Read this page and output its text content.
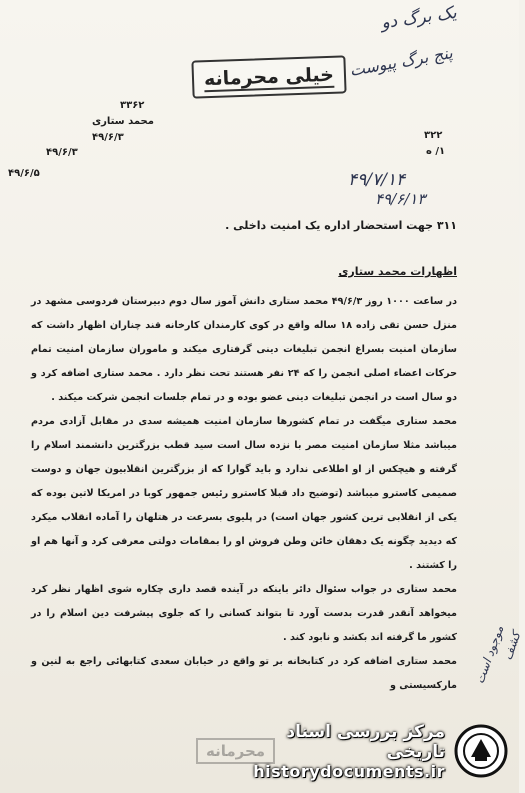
یک برگ دو
پنج برگ پیوست
خیلی محرمانه
۳۳۶۲
محمد ستاری
۴۹/۶/۳
۴۹/۶/۳
۴۹/۶/۵
۳۲۲
۱/ ه
۴۹/۷/۱۴
۴۹/۶/۱۳
۳۱۱ جهت استحضار اداره یک امنیت داخلی .
اظهارات محمد ستاری

در ساعت ۱۰۰۰ روز ۴۹/۶/۳ محمد ستاری دانش آموز سال دوم دبیرستان فردوسی مشهد در منزل حسن تقی زاده ۱۸ ساله واقع در کوی کارمندان کارخانه قند چناران اظهار داشت که سازمان امنیت بسراغ انجمن تبلیغات دینی گرفتاری میکند و ماموران سازمان امنیت تمام حرکات اعضاء اصلی انجمن را که ۲۴ نفر هستند تحت نظر دارد . محمد ستاری اضافه کرد و دو سال است در انجمن تبلیغات دینی عضو بوده و در تمام جلسات انجمن شرکت میکند .

محمد ستاری میگفت در تمام کشورها سازمان امنیت همیشه سدی در مقابل آزادی مردم میباشد مثلا سازمان امنیت مصر با نزده سال است سید قطب بزرگترین دانشمند اسلام را گرفته و هیچکس از او اطلاعی ندارد و باید گوارا که از بزرگترین انقلابیون جهان و دوست صمیمی کاسترو میباشد (توضیح داد قبلا کاسترو رئیس جمهور کوبا در امریکا لاتین بوده که یکی از انقلابی ترین کشور جهان است) در پلیوی بسرعت در هتلهان را آماده انقلاب میکرد که دیدید چگونه یک دهقان خائن وطن فروش او را بمقامات دولتی معرفی کرد و آنها هم او را کشتند .

محمد ستاری در جواب سئوال دائر باینکه در آینده قصد داری چکاره شوی اظهار نظر کرد میخواهد آنقدر قدرت بدست آورد تا بتواند کسانی را که جلوی پیشرفت دین اسلام را در کشور ما گرفته اند بکشد و نابود کند .

محمد ستاری اضافه کرد در کتابخانه بر تو واقع در خیابان سعدی کتابهائی راجع به لنین و مارکسیستی و

موجود است کشف
محرمانه
مرکز بررسی اسناد تاریخی
historydocuments.ir
